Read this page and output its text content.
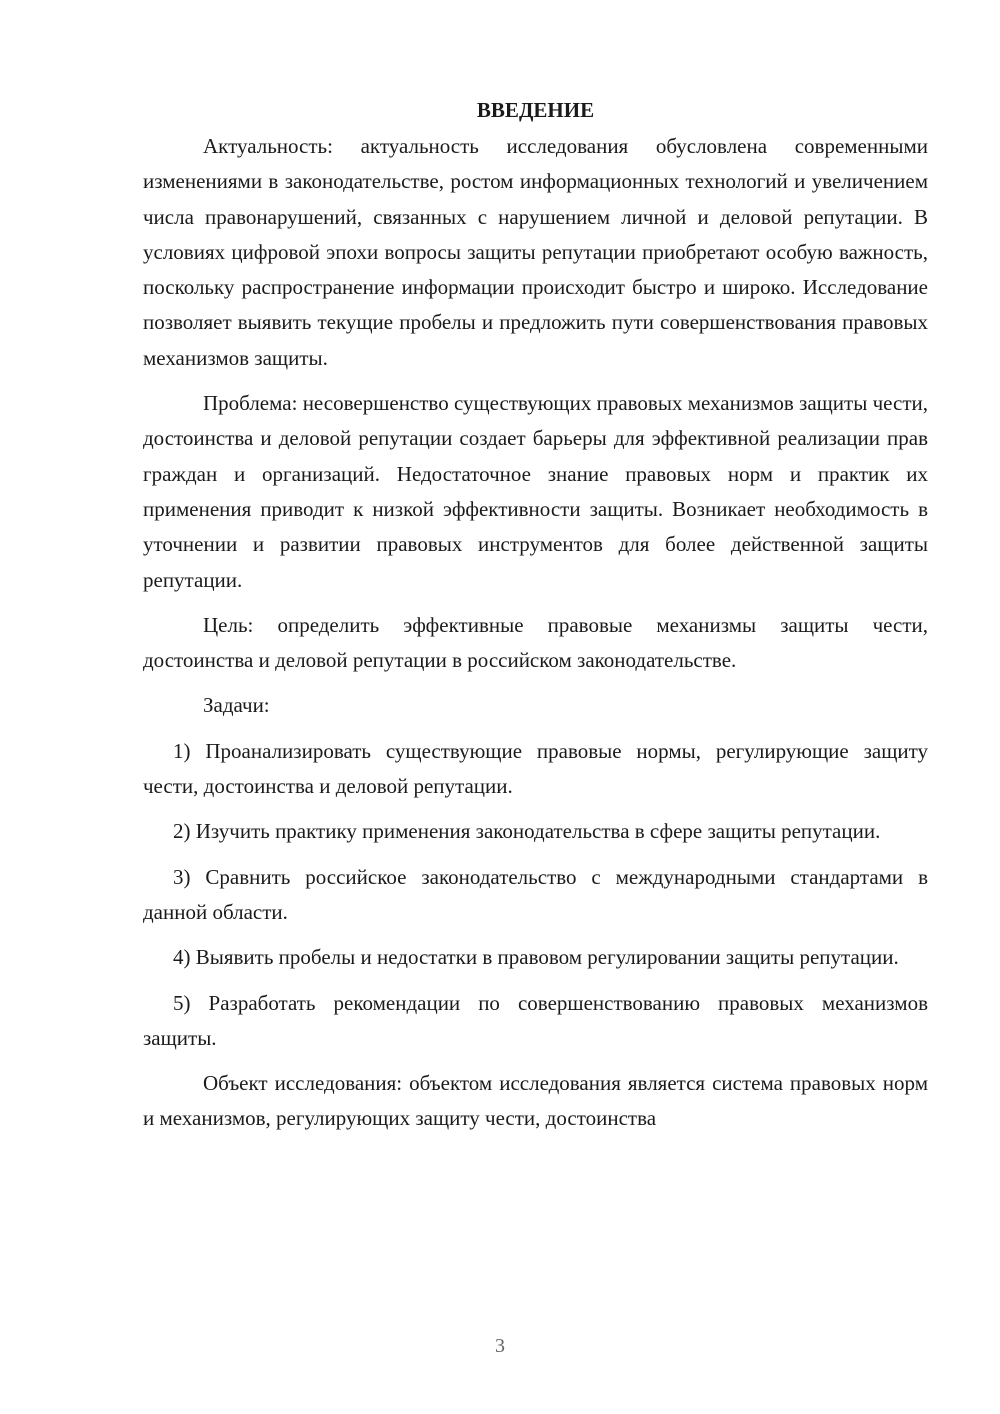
ВВЕДЕНИЕ

Актуальность: актуальность исследования обусловлена современными изменениями в законодательстве, ростом информационных технологий и увеличением числа правонарушений, связанных с нарушением личной и деловой репутации. В условиях цифровой эпохи вопросы защиты репутации приобретают особую важность, поскольку распространение информации происходит быстро и широко. Исследование позволяет выявить текущие пробелы и предложить пути совершенствования правовых механизмов защиты.

Проблема: несовершенство существующих правовых механизмов защиты чести, достоинства и деловой репутации создает барьеры для эффективной реализации прав граждан и организаций. Недостаточное знание правовых норм и практик их применения приводит к низкой эффективности защиты. Возникает необходимость в уточнении и развитии правовых инструментов для более действенной защиты репутации.

Цель: определить эффективные правовые механизмы защиты чести, достоинства и деловой репутации в российском законодательстве.

Задачи:

1) Проанализировать существующие правовые нормы, регулирующие защиту чести, достоинства и деловой репутации.

2) Изучить практику применения законодательства в сфере защиты репутации.

3) Сравнить российское законодательство с международными стандартами в данной области.

4) Выявить пробелы и недостатки в правовом регулировании защиты репутации.

5) Разработать рекомендации по совершенствованию правовых механизмов защиты.

Объект исследования: объектом исследования является система правовых норм и механизмов, регулирующих защиту чести, достоинства

3
